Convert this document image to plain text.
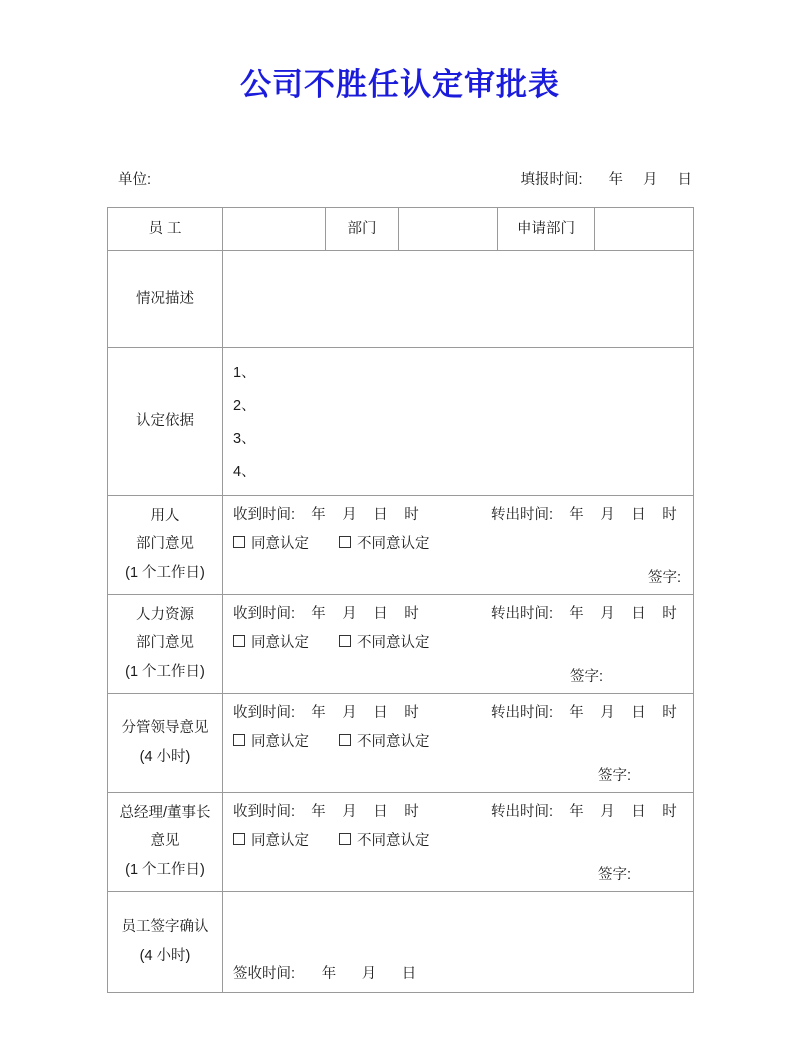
公司不胜任认定审批表
单位:	填报时间: 年 月 日
员 工		部门		申请部门	
情况描述					
认定依据	1、
2、
3、
4、				

用人
部门意见
(1 个工作日)

收到时间:	年 月 日 时	转出时间:	年 月 日 时
同意认定	不同意认定
签字:

人力资源
部门意见
(1 个工作日)

收到时间:	年 月 日 时	转出时间:	年 月 日 时
同意认定	不同意认定
签字:

分管领导意见
(4 小时)

收到时间:	年 月 日 时	转出时间:	年 月 日 时
同意认定	不同意认定
签字:

总经理/董事长
意见
(1 个工作日)

收到时间:	年 月 日 时	转出时间:	年 月 日 时
同意认定	不同意认定
签字:

员工签字确认
(4 小时)	签收时间: 年 月 日				
